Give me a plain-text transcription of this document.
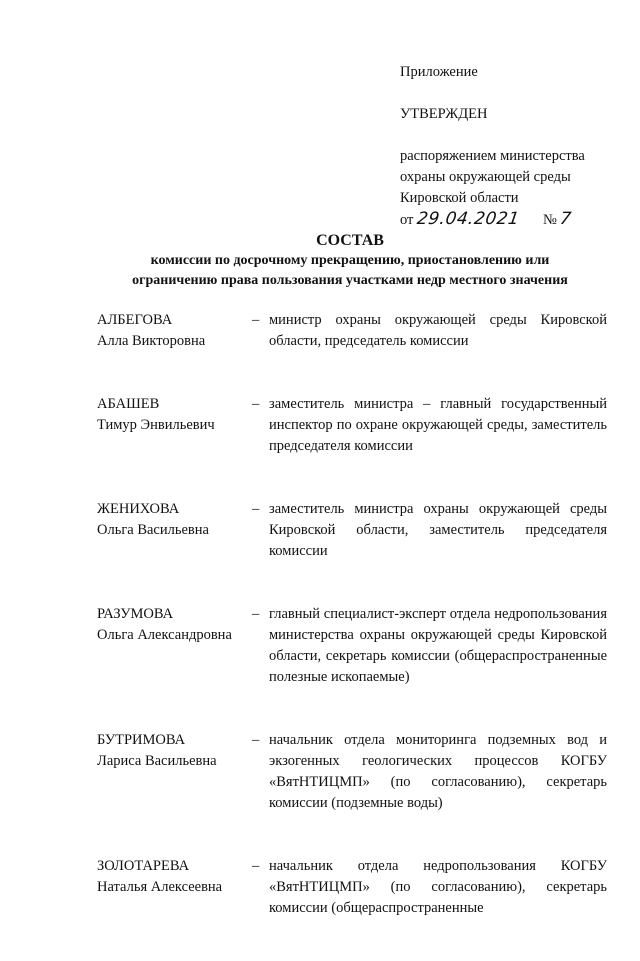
Приложение
УТВЕРЖДЕН
распоряжением министерства
охраны окружающей среды
Кировской области
от 29.04.2021 № 7
СОСТАВ
комиссии по досрочному прекращению, приостановлению или
ограничению права пользования участками недр местного значения
АЛБЕГОВА
Алла Викторовна
– министр охраны окружающей среды Кировской области, председатель комиссии
АБАШЕВ
Тимур Энвильевич
– заместитель министра – главный государственный инспектор по охране окружающей среды, заместитель председателя комиссии
ЖЕНИХОВА
Ольга Васильевна
– заместитель министра охраны окружающей среды Кировской области, заместитель председателя комиссии
РАЗУМОВА
Ольга Александровна
– главный специалист-эксперт отдела недропользования министерства охраны окружающей среды Кировской области, секретарь комиссии (общераспространенные полезные ископаемые)
БУТРИМОВА
Лариса Васильевна
– начальник отдела мониторинга подземных вод и экзогенных геологических процессов КОГБУ «ВятНТИЦМП» (по согласованию), секретарь комиссии (подземные воды)
ЗОЛОТАРЕВА
Наталья Алексеевна
– начальник отдела недропользования КОГБУ «ВятНТИЦМП» (по согласованию), секретарь комиссии (общераспространенные
